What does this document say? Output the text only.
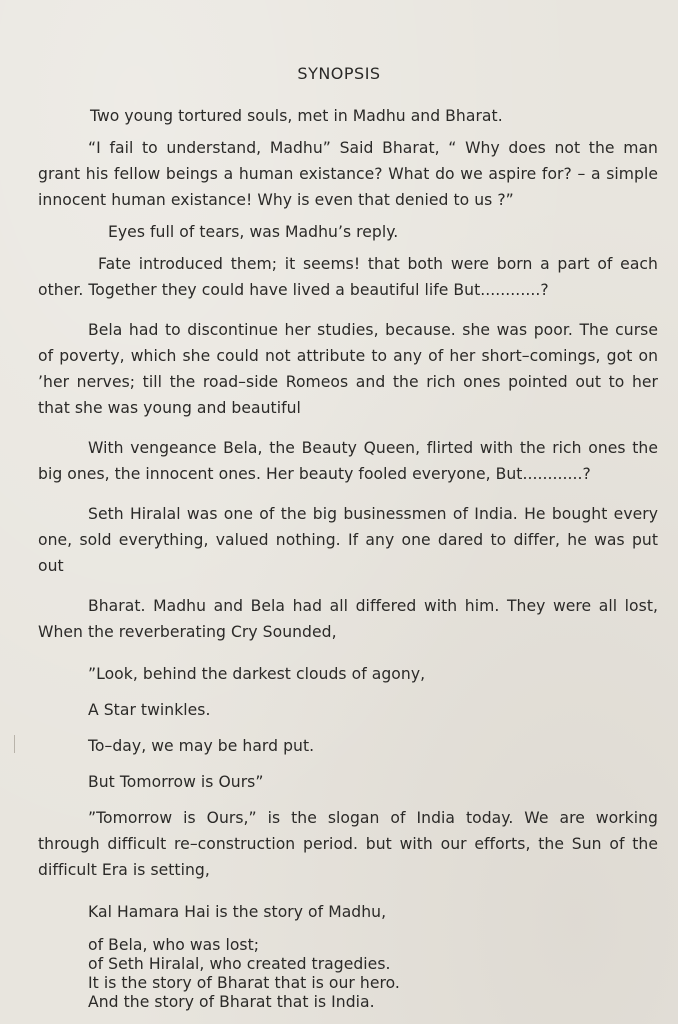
SYNOPSIS

Two young tortured souls, met in Madhu and Bharat.

“I fail to understand, Madhu” Said Bharat, “ Why does not the man grant his fellow beings a human existance? What do we aspire for? – a simple innocent human existance! Why is even that denied to us ?”

Eyes full of tears, was Madhu’s reply.

Fate introduced them; it seems! that both were born a part of each other. Together they could have lived a beautiful life But............?

Bela had to discontinue her studies, because. she was poor. The curse of poverty, which she could not attribute to any of her short–comings, got on ’her nerves; till the road–side Romeos and the rich ones pointed out to her that she was young and beautiful

With vengeance Bela, the Beauty Queen, flirted with the rich ones the big ones, the innocent ones. Her beauty fooled everyone, But............?

Seth Hiralal was one of the big businessmen of India. He bought every one, sold everything, valued nothing. If any one dared to differ, he was put out

Bharat. Madhu and Bela had all differed with him. They were all lost, When the reverberating Cry Sounded,

”Look, behind the darkest clouds of agony,

A Star twinkles.

To–day, we may be hard put.

But Tomorrow is Ours”

”Tomorrow is Ours,” is the slogan of India today. We are working through difficult re–construction period. but with our efforts, the Sun of the difficult Era is setting,

Kal Hamara Hai is the story of Madhu,
of Bela, who was lost;
of Seth Hiralal, who created tragedies.
It is the story of Bharat that is our hero.
And the story of Bharat that is India.
